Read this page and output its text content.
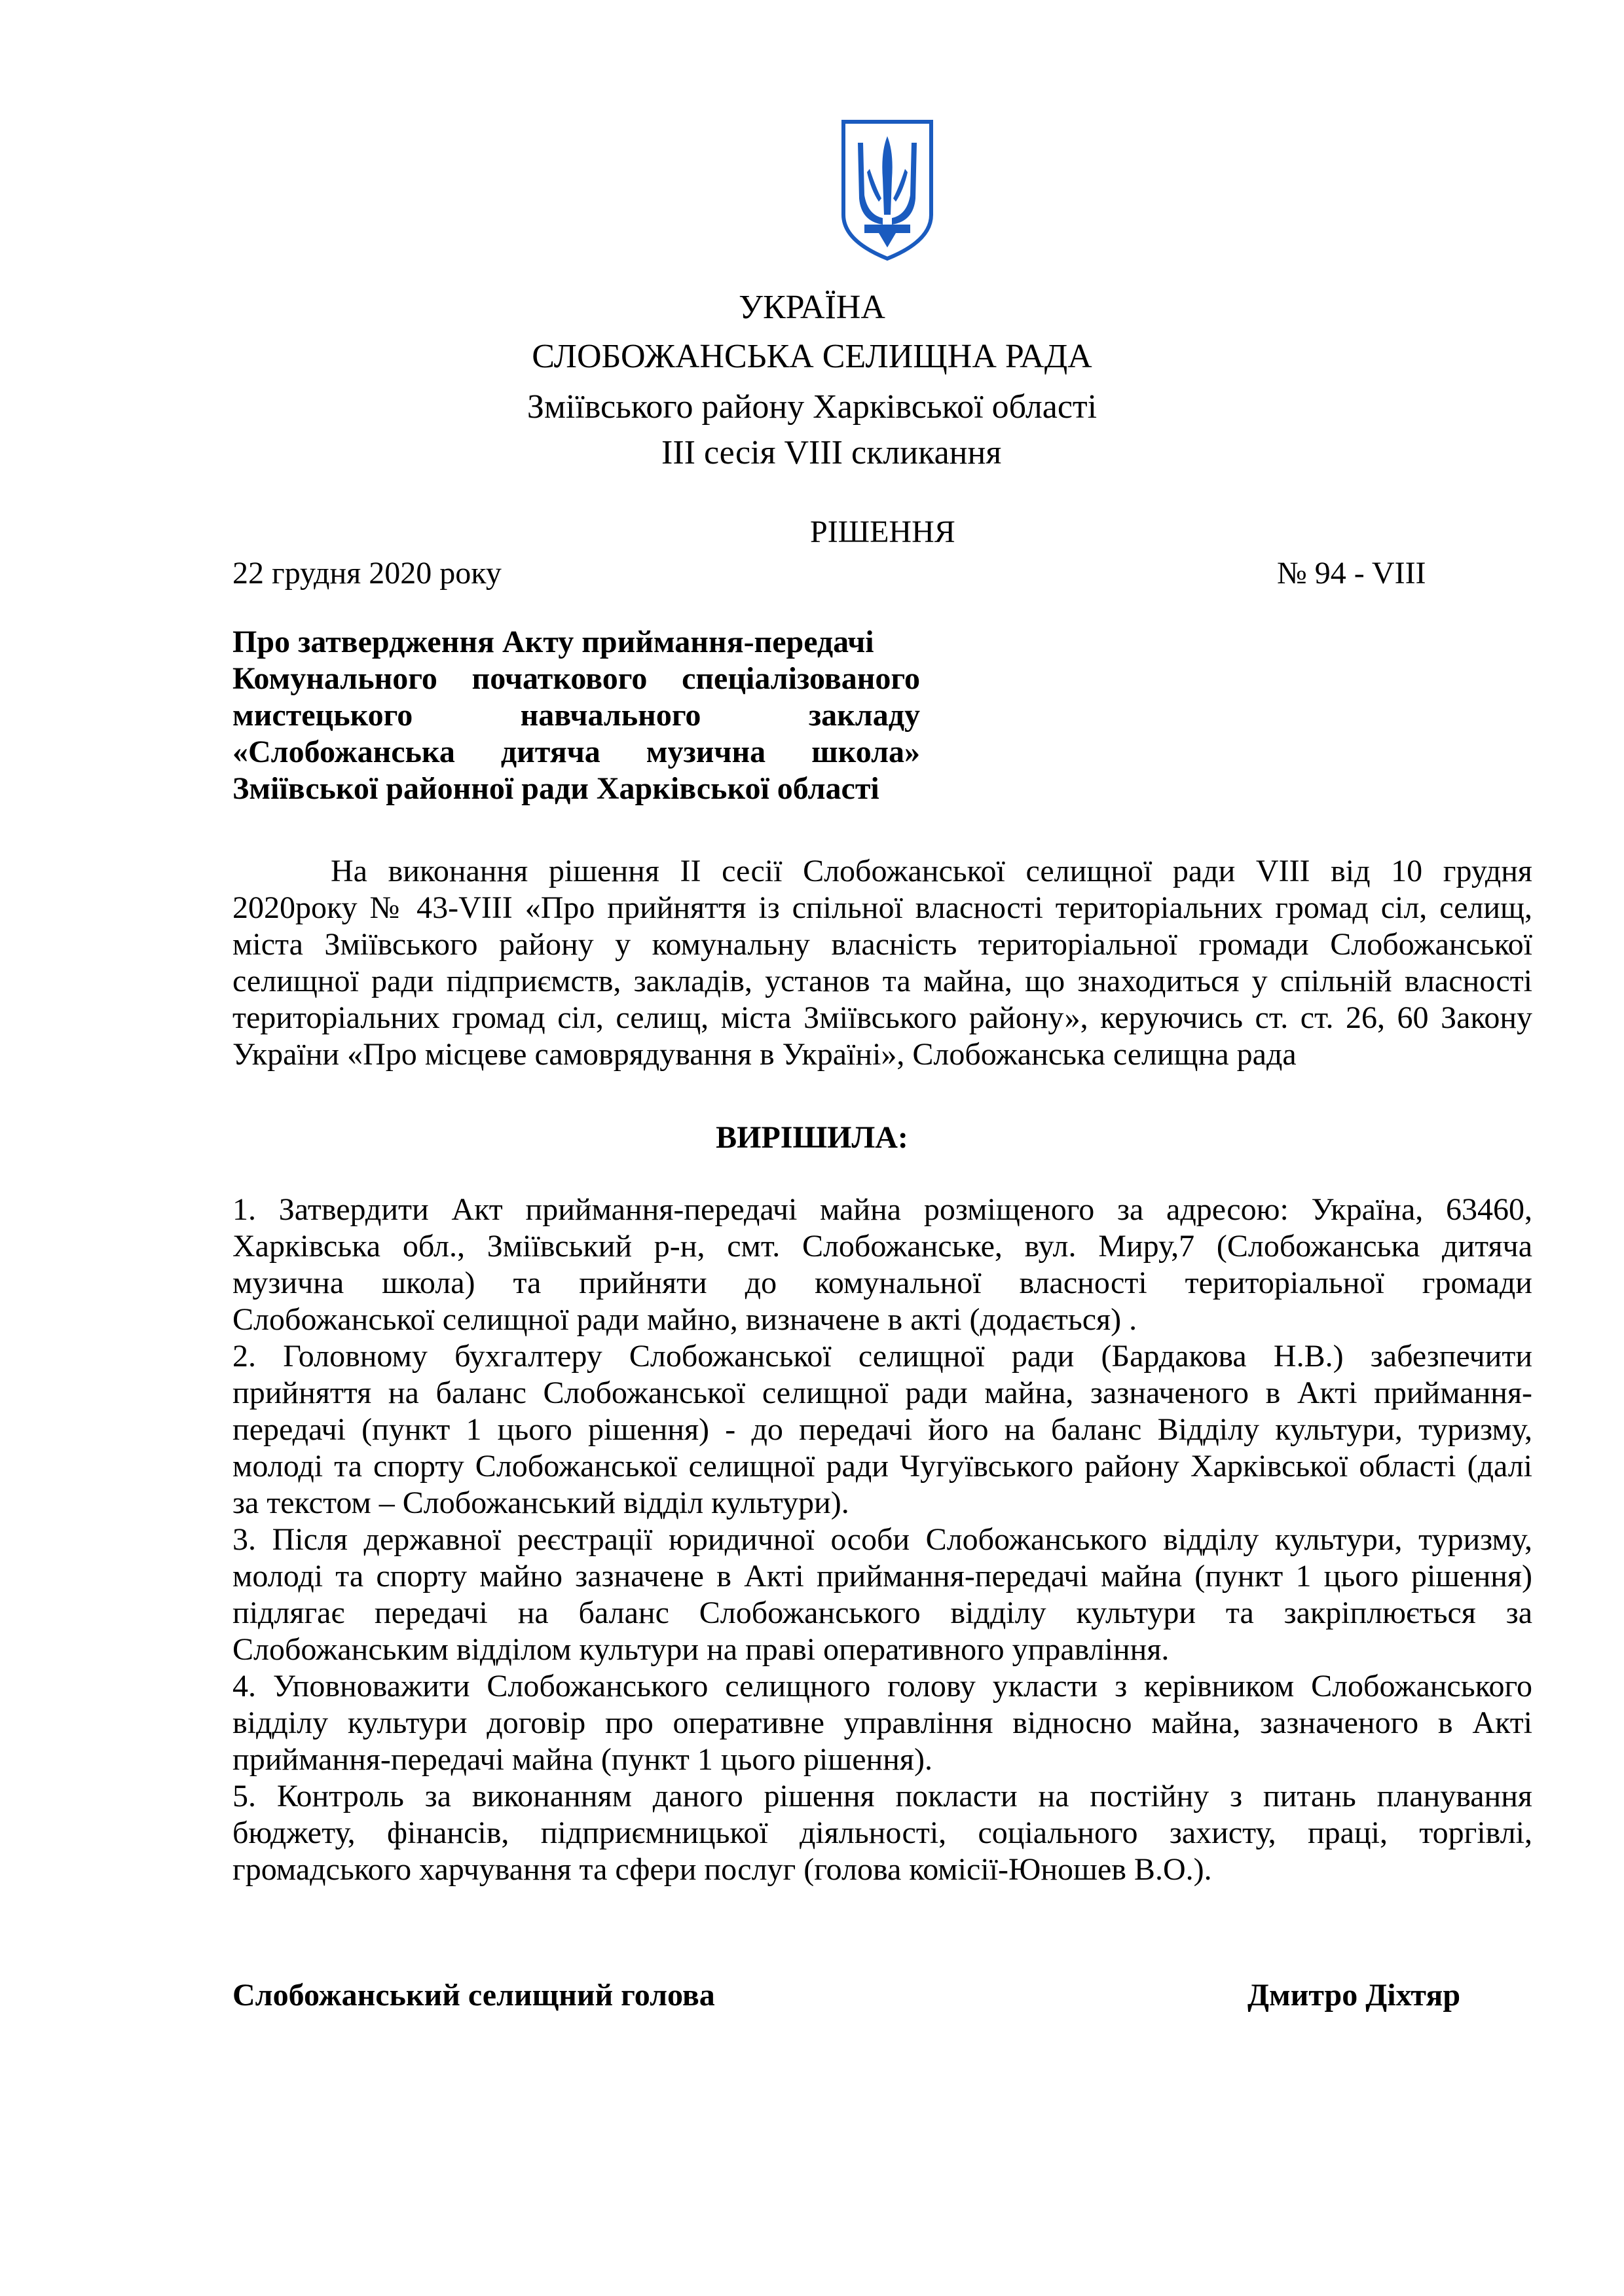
УКРАЇНА
СЛОБОЖАНСЬКА СЕЛИЩНА РАДА
Зміївського району Харківської області
III сесія VIII скликання
РІШЕННЯ
22 грудня 2020 року	№ 94 - VIII
Про затвердження Акту приймання-передачі
Комунального початкового спеціалізованого
мистецького навчального закладу
«Слобожанська дитяча музична школа»
Зміївської районної ради Харківської області
На виконання рішення ІІ сесії Слобожанської селищної ради VIII від 10 грудня
2020року № 43-VIII «Про прийняття із спільної власності територіальних громад сіл, селищ,
міста Зміївського району у комунальну власність територіальної громади Слобожанської
селищної ради підприємств, закладів, установ та майна, що знаходиться у спільній власності
територіальних громад сіл, селищ, міста Зміївського району», керуючись ст. ст. 26, 60 Закону
України «Про місцеве самоврядування в Україні», Слобожанська селищна рада
ВИРІШИЛА:
1. Затвердити Акт приймання-передачі майна розміщеного за адресою: Україна, 63460,
Харківська обл., Зміївський р-н, смт. Слобожанське, вул. Миру,7 (Слобожанська дитяча
музична школа) та прийняти до комунальної власності територіальної громади
Слобожанської селищної ради майно, визначене в акті (додається) .
2. Головному бухгалтеру Слобожанської селищної ради (Бардакова Н.В.) забезпечити
прийняття на баланс Слобожанської селищної ради майна, зазначеного в Акті приймання-
передачі (пункт 1 цього рішення) - до передачі його на баланс Відділу культури, туризму,
молоді та спорту Слобожанської селищної ради Чугуївського району Харківської області (далі
за текстом – Слобожанський відділ культури).
3. Після державної реєстрації юридичної особи Слобожанського відділу культури, туризму,
молоді та спорту майно зазначене в Акті приймання-передачі майна (пункт 1 цього рішення)
підлягає передачі на баланс Слобожанського відділу культури та закріплюється за
Слобожанським відділом культури на праві оперативного управління.
4. Уповноважити Слобожанського селищного голову укласти з керівником Слобожанського
відділу культури договір про оперативне управління відносно майна, зазначеного в Акті
приймання-передачі майна (пункт 1 цього рішення).
5. Контроль за виконанням даного рішення покласти на постійну з питань планування
бюджету, фінансів, підприємницької діяльності, соціального захисту, праці, торгівлі,
громадського харчування та сфери послуг (голова комісії-Юношев В.О.).
Слобожанський селищний голова	Дмитро Діхтяр
